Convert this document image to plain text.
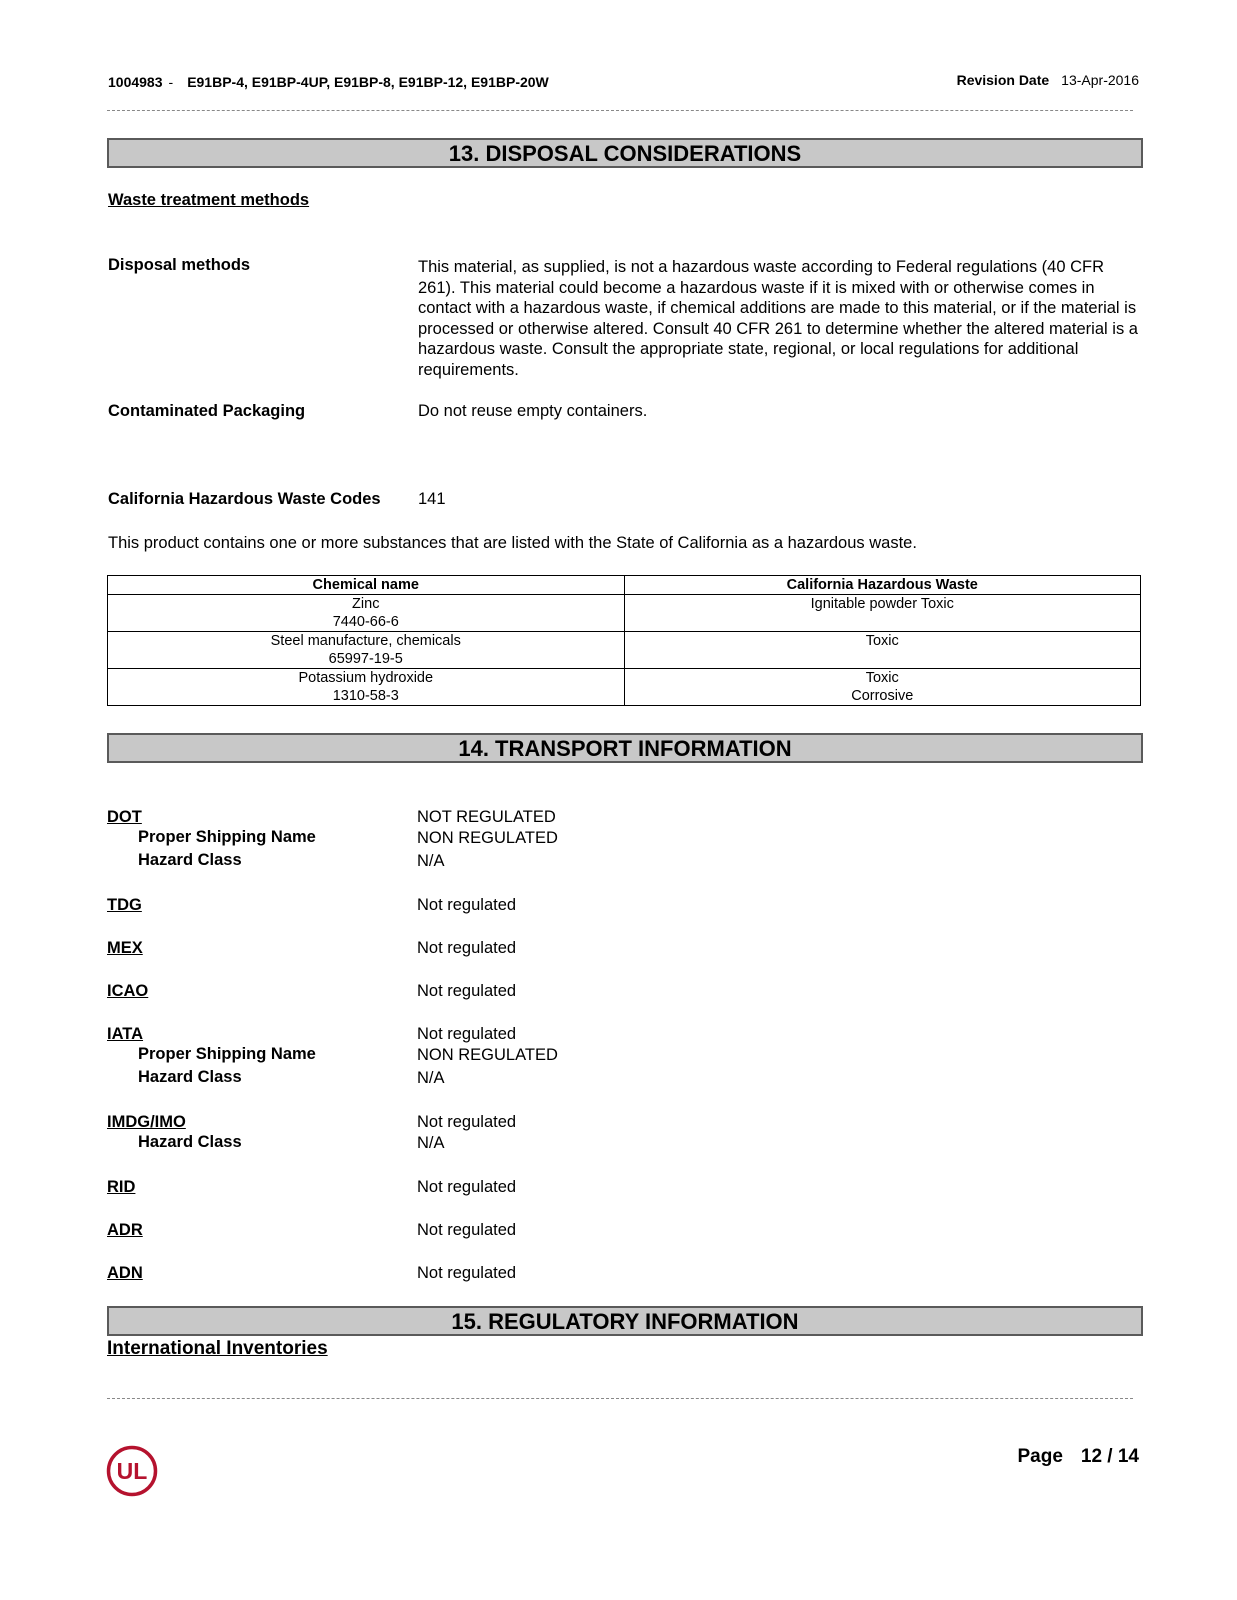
1004983 - E91BP-4, E91BP-4UP, E91BP-8, E91BP-12, E91BP-20W	Revision Date 13-Apr-2016
13. DISPOSAL CONSIDERATIONS
Waste treatment methods
Disposal methods	This material, as supplied, is not a hazardous waste according to Federal regulations (40 CFR 261). This material could become a hazardous waste if it is mixed with or otherwise comes in contact with a hazardous waste, if chemical additions are made to this material, or if the material is processed or otherwise altered. Consult 40 CFR 261 to determine whether the altered material is a hazardous waste. Consult the appropriate state, regional, or local regulations for additional requirements.
Contaminated Packaging	Do not reuse empty containers.
California Hazardous Waste Codes 141
This product contains one or more substances that are listed with the State of California as a hazardous waste.
Chemical name	California Hazardous Waste

Zinc
7440-66-6	Ignitable powder Toxic

Steel manufacture, chemicals
65997-19-5	Toxic

Potassium hydroxide
1310-58-3	Toxic
Corrosive
14. TRANSPORT INFORMATION
DOT	NOT REGULATED
Proper Shipping Name	NON REGULATED
Hazard Class	N/A
TDG	Not regulated
MEX	Not regulated
ICAO	Not regulated
IATA	Not regulated
Proper Shipping Name	NON REGULATED
Hazard Class	N/A
IMDG/IMO	Not regulated
Hazard Class	N/A
RID	Not regulated
ADR	Not regulated
ADN	Not regulated
15. REGULATORY INFORMATION
International Inventories
UL
Page 12 / 14
